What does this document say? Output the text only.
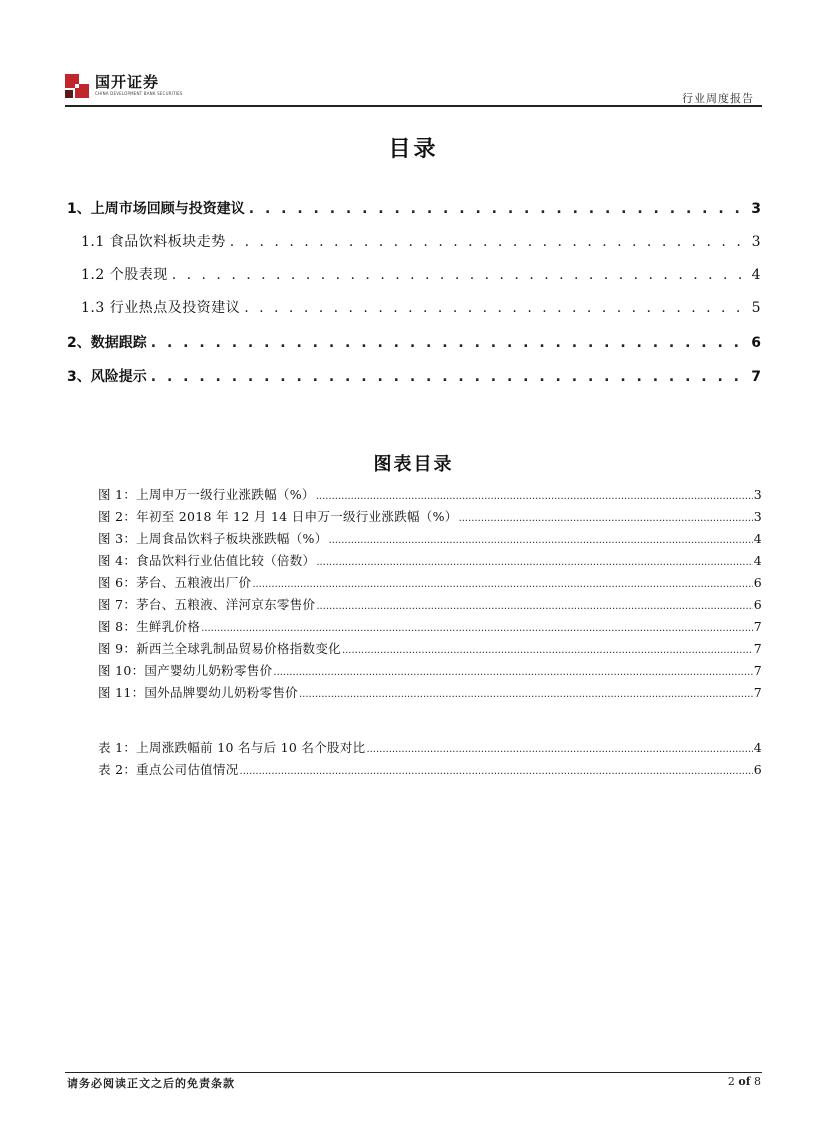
国开证券
CHINA DEVELOPMENT BANK SECURITIES	行业周度报告
目录
1、上周市场回顾与投资建议 . . .	3
1.1 食品饮料板块走势 . . .	3
1.2 个股表现 . . .	4
1.3 行业热点及投资建议 . . .	5
2、数据跟踪 . . .	6
3、风险提示 . . .	7
图表目录
图 1：上周申万一级行业涨跌幅（%） .....	3
图 2：年初至 2018 年 12 月 14 日申万一级行业涨跌幅（%） .....	3
图 3：上周食品饮料子板块涨跌幅（%） .....	4
图 4：食品饮料行业估值比较（倍数） .....	4
图 6：茅台、五粮液出厂价 .....	6
图 7：茅台、五粮液、洋河京东零售价 .....	6
图 8：生鲜乳价格 .....	7
图 9：新西兰全球乳制品贸易价格指数变化 .....	7
图 10：国产婴幼儿奶粉零售价 .....	7
图 11：国外品牌婴幼儿奶粉零售价 .....	7
表 1：上周涨跌幅前 10 名与后 10 名个股对比 .....	4
表 2：重点公司估值情况 .....	6
请务必阅读正文之后的免责条款	2 of 8
